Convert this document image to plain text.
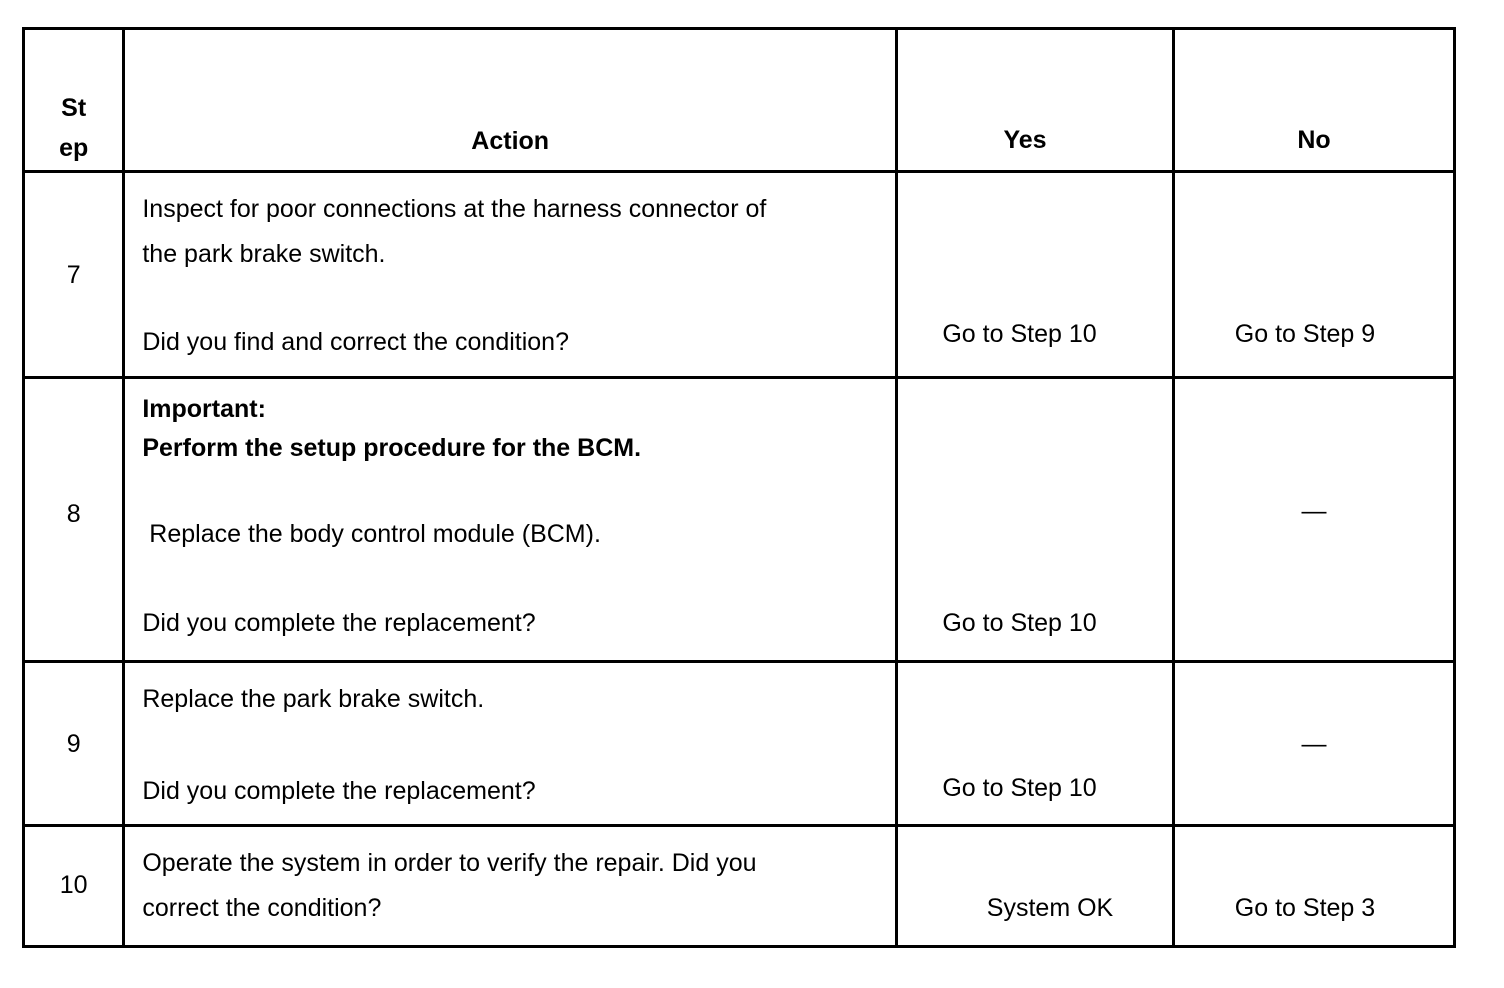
St
ep	Action	Yes	No

7	Inspect for poor connections at the harness connector of
the park brake switch.
Did you find and correct the condition?	Go to Step 10	Go to Step 9

8	Important:
Perform the setup procedure for the BCM.
Replace the body control module (BCM).
Did you complete the replacement?	Go to Step 10	—

9	Replace the park brake switch.
Did you complete the replacement?	Go to Step 10	—

10	Operate the system in order to verify the repair. Did you
correct the condition?	System OK	Go to Step 3
